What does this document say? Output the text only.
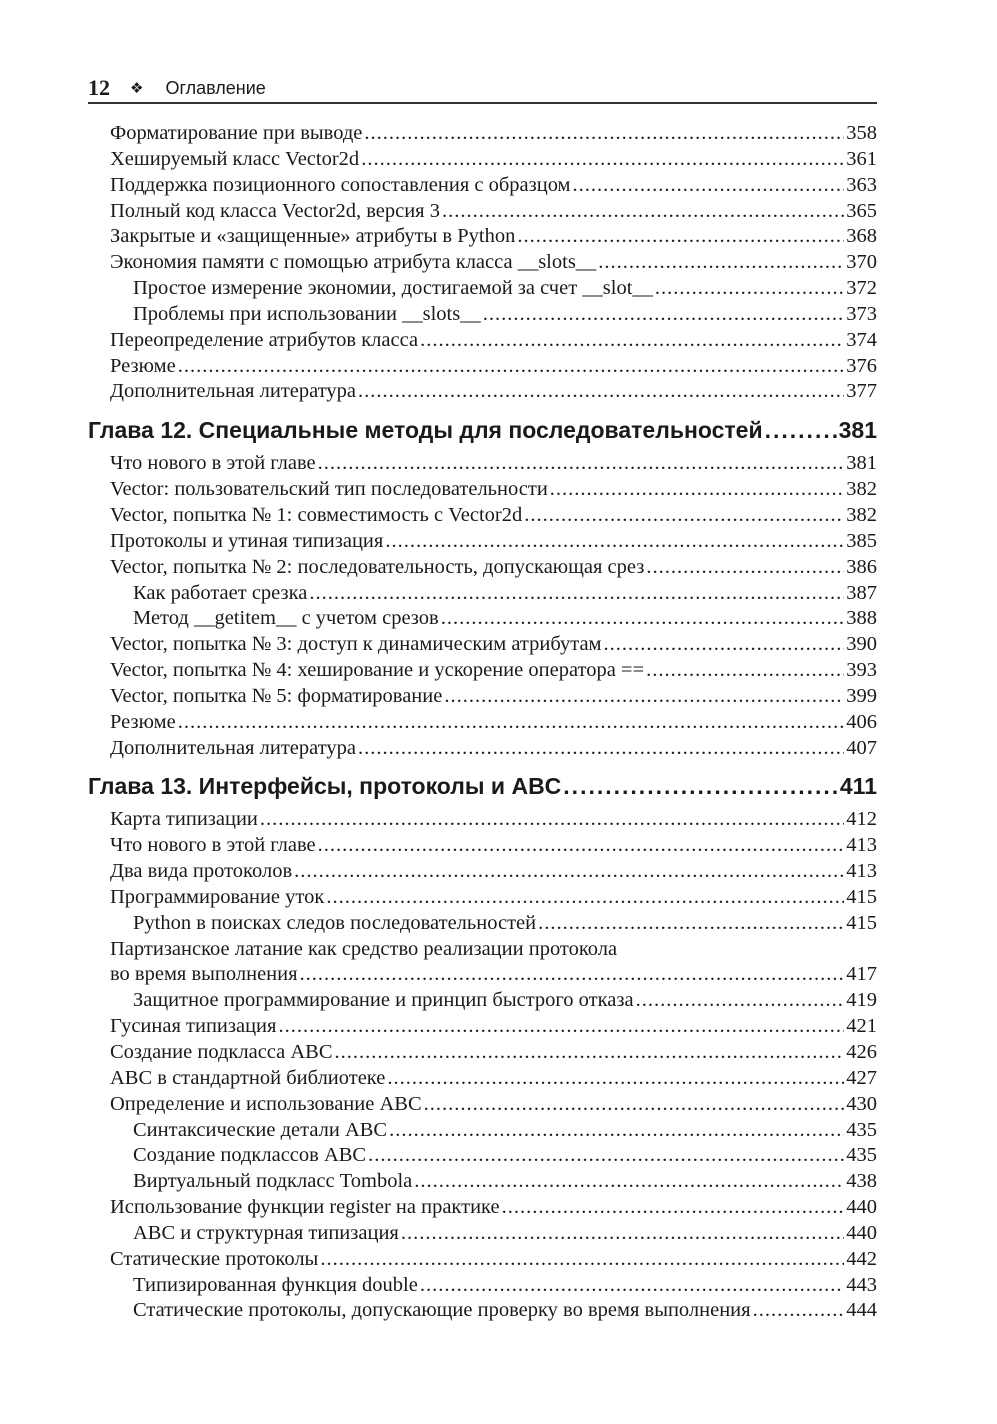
12 ❖ Оглавление
Форматирование при выводе .....	358
Хешируемый класс Vector2d .....	361
Поддержка позиционного сопоставления с образцом .....	363
Полный код класса Vector2d, версия 3 .....	365
Закрытые и «защищенные» атрибуты в Python .....	368
Экономия памяти с помощью атрибута класса __slots__ .....	370
Простое измерение экономии, достигаемой за счет __slot__ .....	372
Проблемы при использовании __slots__ .....	373
Переопределение атрибутов класса .....	374
Резюме .....	376
Дополнительная литература .....	377
Глава 12. Специальные методы для последовательностей .....	381
Что нового в этой главе .....	381
Vector: пользовательский тип последовательности .....	382
Vector, попытка № 1: совместимость с Vector2d .....	382
Протоколы и утиная типизация .....	385
Vector, попытка № 2: последовательность, допускающая срез .....	386
Как работает срезка .....	387
Метод __getitem__ с учетом срезов .....	388
Vector, попытка № 3: доступ к динамическим атрибутам .....	390
Vector, попытка № 4: хеширование и ускорение оператора == .....	393
Vector, попытка № 5: форматирование .....	399
Резюме .....	406
Дополнительная литература .....	407
Глава 13. Интерфейсы, протоколы и ABC .....	411
Карта типизации .....	412
Что нового в этой главе .....	413
Два вида протоколов .....	413
Программирование уток .....	415
Python в поисках следов последовательностей .....	415
Партизанское латание как средство реализации протокола
во время выполнения .....	417
Защитное программирование и принцип быстрого отказа .....	419
Гусиная типизация .....	421
Создание подкласса ABC .....	426
ABC в стандартной библиотеке .....	427
Определение и использование ABC .....	430
Синтаксические детали ABC .....	435
Создание подклассов ABC .....	435
Виртуальный подкласс Tombola .....	438
Использование функции register на практике .....	440
ABC и структурная типизация .....	440
Статические протоколы .....	442
Типизированная функция double .....	443
Статические протоколы, допускающие проверку во время выполнения .....	444
